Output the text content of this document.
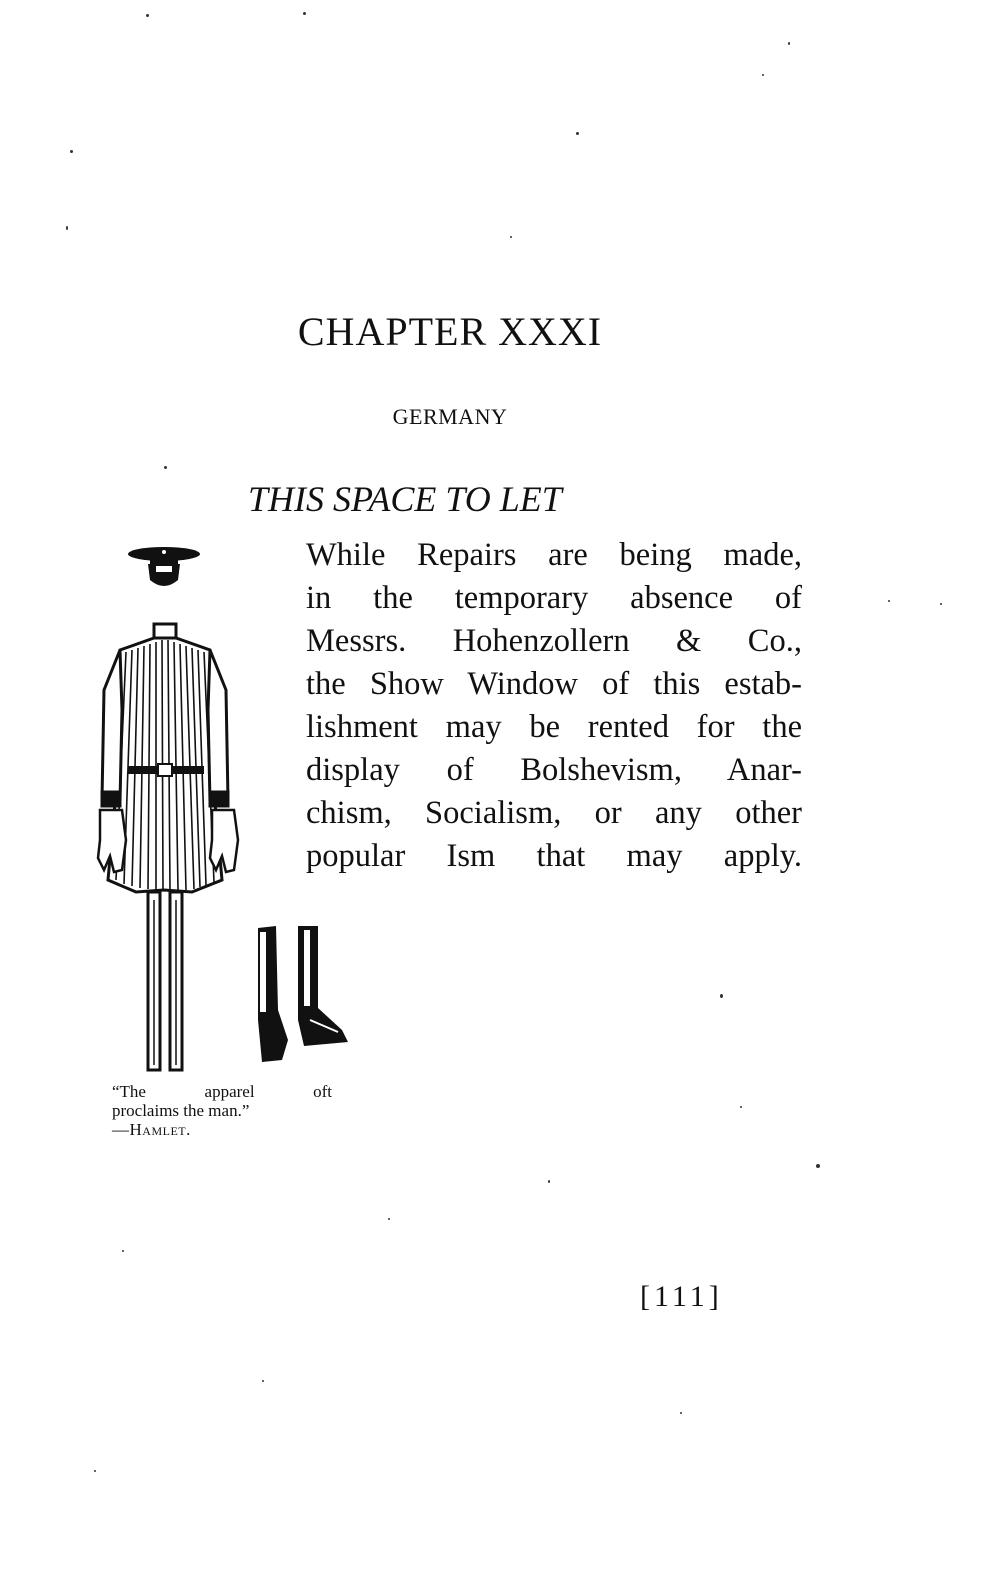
CHAPTER XXXI
GERMANY
THIS SPACE TO LET

While Repairs are being made,
in the temporary absence of
Messrs. Hohenzollern & Co.,
the Show Window of this estab-
lishment may be rented for the
display of Bolshevism, Anar-
chism, Socialism, or any other
popular Ism that may apply.

“The apparel oft
proclaims the man.”
—Hamlet.

[111]
